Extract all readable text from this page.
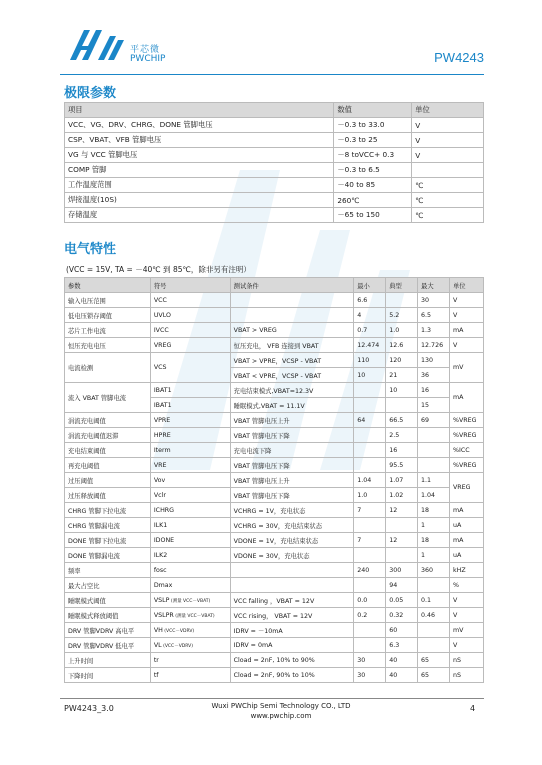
平芯微
PWCHIP	PW4243
极限参数
项目	数值	单位
VCC、VG、DRV、CHRG、DONE 管脚电压	－0.3 to 33.0	V
CSP、VBAT、VFB 管脚电压	－0.3 to 25	V
VG 与 VCC 管脚电压	－8 toVCC+ 0.3	V
COMP 管脚	－0.3 to 6.5	
工作温度范围	－40 to 85	℃
焊接温度(10S)	260℃	℃
存储温度	－65 to 150	℃
电气特性
(VCC = 15V, TA = －40℃ 到 85℃，除非另有注明）
参数	符号	测试条件	最小	典型	最大	单位
输入电压范围	VCC		6.6		30	V
低电压锁存阈值	UVLO		4	5.2	6.5	V
芯片工作电流	IVCC	VBAT > VREG	0.7	1.0	1.3	mA
恒压充电电压	VREG	恒压充电， VFB 连接到 VBAT	12.474	12.6	12.726	V
电流检测	VCS	VBAT > VPRE，VCSP - VBAT	110	120	130	mV
		VBAT < VPRE，VCSP - VBAT	10	21	36	
流入 VBAT 管脚电流	IBAT1	充电结束模式,VBAT=12.3V		10	16	mA
	IBAT1	睡眠模式,VBAT = 11.1V			15	
涓流充电阈值	VPRE	VBAT 管脚电压上升	64	66.5	69	%VREG
涓流充电阈值迟滞	HPRE	VBAT 管脚电压下降		2.5		%VREG
充电结束阈值	Iterm	充电电流下降		16		%ICC
再充电阈值	VRE	VBAT 管脚电压下降		95.5		%VREG
过压阈值	Vov	VBAT 管脚电压上升	1.04	1.07	1.1	VREG
过压释放阈值	Vclr	VBAT 管脚电压下降	1.0	1.02	1.04	
CHRG 管脚下拉电流	ICHRG	VCHRG = 1V，充电状态	7	12	18	mA
CHRG 管脚漏电流	ILK1	VCHRG = 30V，充电结束状态			1	uA
DONE 管脚下拉电流	IDONE	VDONE = 1V，充电结束状态	7	12	18	mA
DONE 管脚漏电流	ILK2	VDONE = 30V，充电状态			1	uA
频率	fosc		240	300	360	kHZ
最大占空比	Dmax			94		%
睡眠模式阈值	VSLP (测量 VCC－VBAT)	VCC falling ，VBAT = 12V	0.0	0.05	0.1	V
睡眠模式释放阈值	VSLPR (测量 VCC－VBAT)	VCC rising， VBAT = 12V	0.2	0.32	0.46	V
DRV 管脚VDRV 高电平	VH (VCC－VDRV)	IDRV = －10mA		60		mV
DRV 管脚VDRV 低电平	VL (VCC－VDRV)	IDRV = 0mA		6.3		V
上升时间	tr	Cload = 2nF, 10% to 90%	30	40	65	nS
下降时间	tf	Cload = 2nF, 90% to 10%	30	40	65	nS
PW4243_3.0	Wuxi PWChip Semi Technology CO., LTD
www.pwchip.com
4
